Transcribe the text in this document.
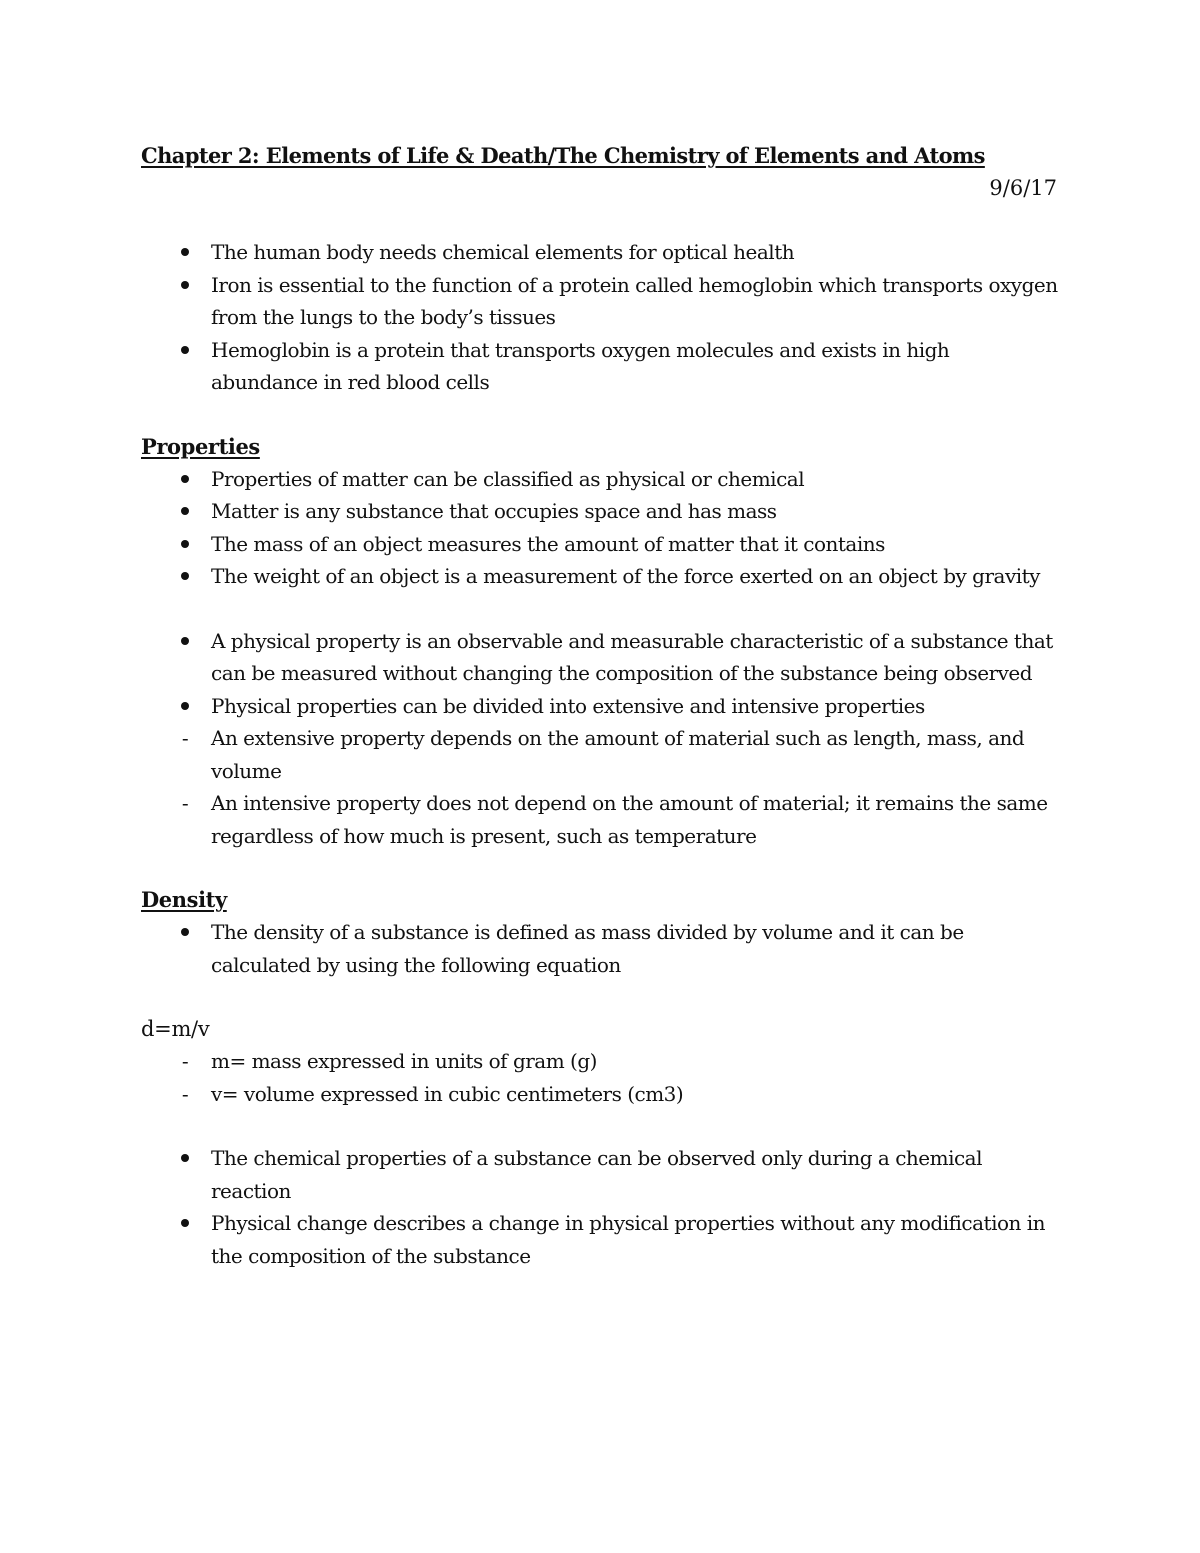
Chapter 2: Elements of Life & Death/The Chemistry of Elements and Atoms

9/6/17

The human body needs chemical elements for optical health
Iron is essential to the function of a protein called hemoglobin which transports oxygen from the lungs to the body’s tissues
Hemoglobin is a protein that transports oxygen molecules and exists in high abundance in red blood cells
Properties
Properties of matter can be classified as physical or chemical
Matter is any substance that occupies space and has mass
The mass of an object measures the amount of matter that it contains
The weight of an object is a measurement of the force exerted on an object by gravity
A physical property is an observable and measurable characteristic of a substance that can be measured without changing the composition of the substance being observed
Physical properties can be divided into extensive and intensive properties
-	An extensive property depends on the amount of material such as length, mass, and volume
-	An intensive property does not depend on the amount of material; it remains the same regardless of how much is present, such as temperature
Density
The density of a substance is defined as mass divided by volume and it can be calculated by using the following equation

d=m/v

-	m= mass expressed in units of gram (g)
-	v= volume expressed in cubic centimeters (cm3)
The chemical properties of a substance can be observed only during a chemical reaction
Physical change describes a change in physical properties without any modification in the composition of the substance
